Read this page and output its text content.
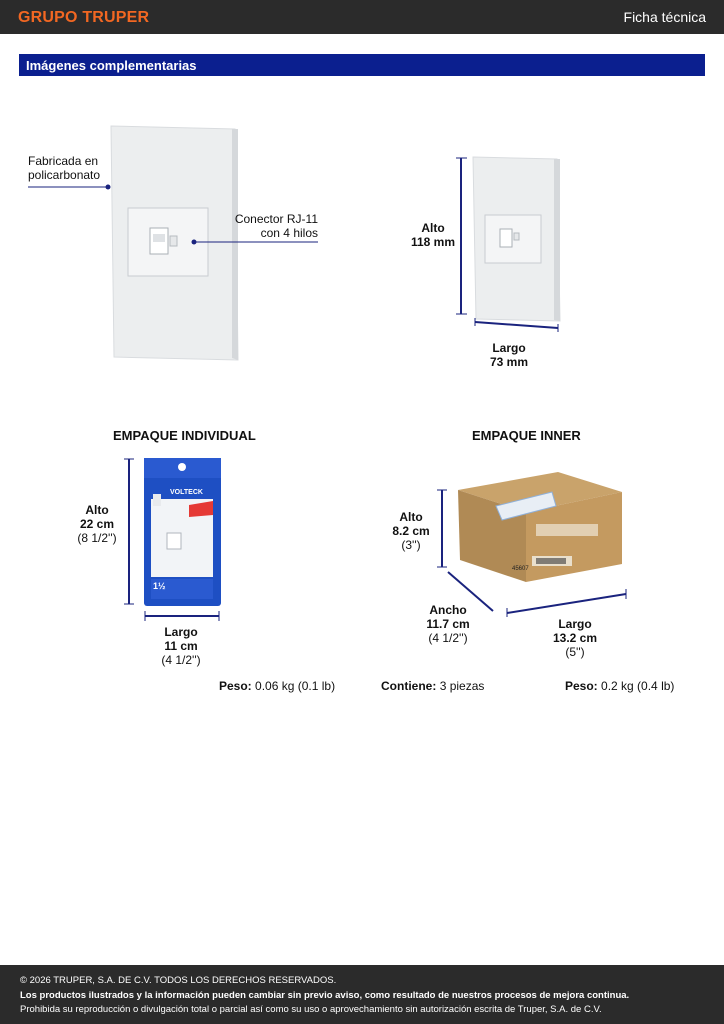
GRUPO TRUPER	Ficha técnica
Imágenes complementarias
Fabricada en
policarbonato
Conector RJ-11
con 4 hilos	Alto
118 mm
Largo
73 mm
EMPAQUE INDIVIDUAL
1½
VOLTECK
Alto
22 cm
(8 1/2'')
Largo
11 cm
(4 1/2'')
Peso: 0.06 kg (0.1 lb)
EMPAQUE INNER
45607
Alto
8.2 cm
(3'')
Ancho
11.7 cm
(4 1/2'')
Largo
13.2 cm
(5'')
Contiene: 3 piezas	Peso: 0.2 kg (0.4 lb)
© 2026 TRUPER, S.A. DE C.V. TODOS LOS DERECHOS RESERVADOS.
Los productos ilustrados y la información pueden cambiar sin previo aviso, como resultado de nuestros procesos de mejora continua.
Prohibida su reproducción o divulgación total o parcial así como su uso o aprovechamiento sin autorización escrita de Truper, S.A. de C.V.
